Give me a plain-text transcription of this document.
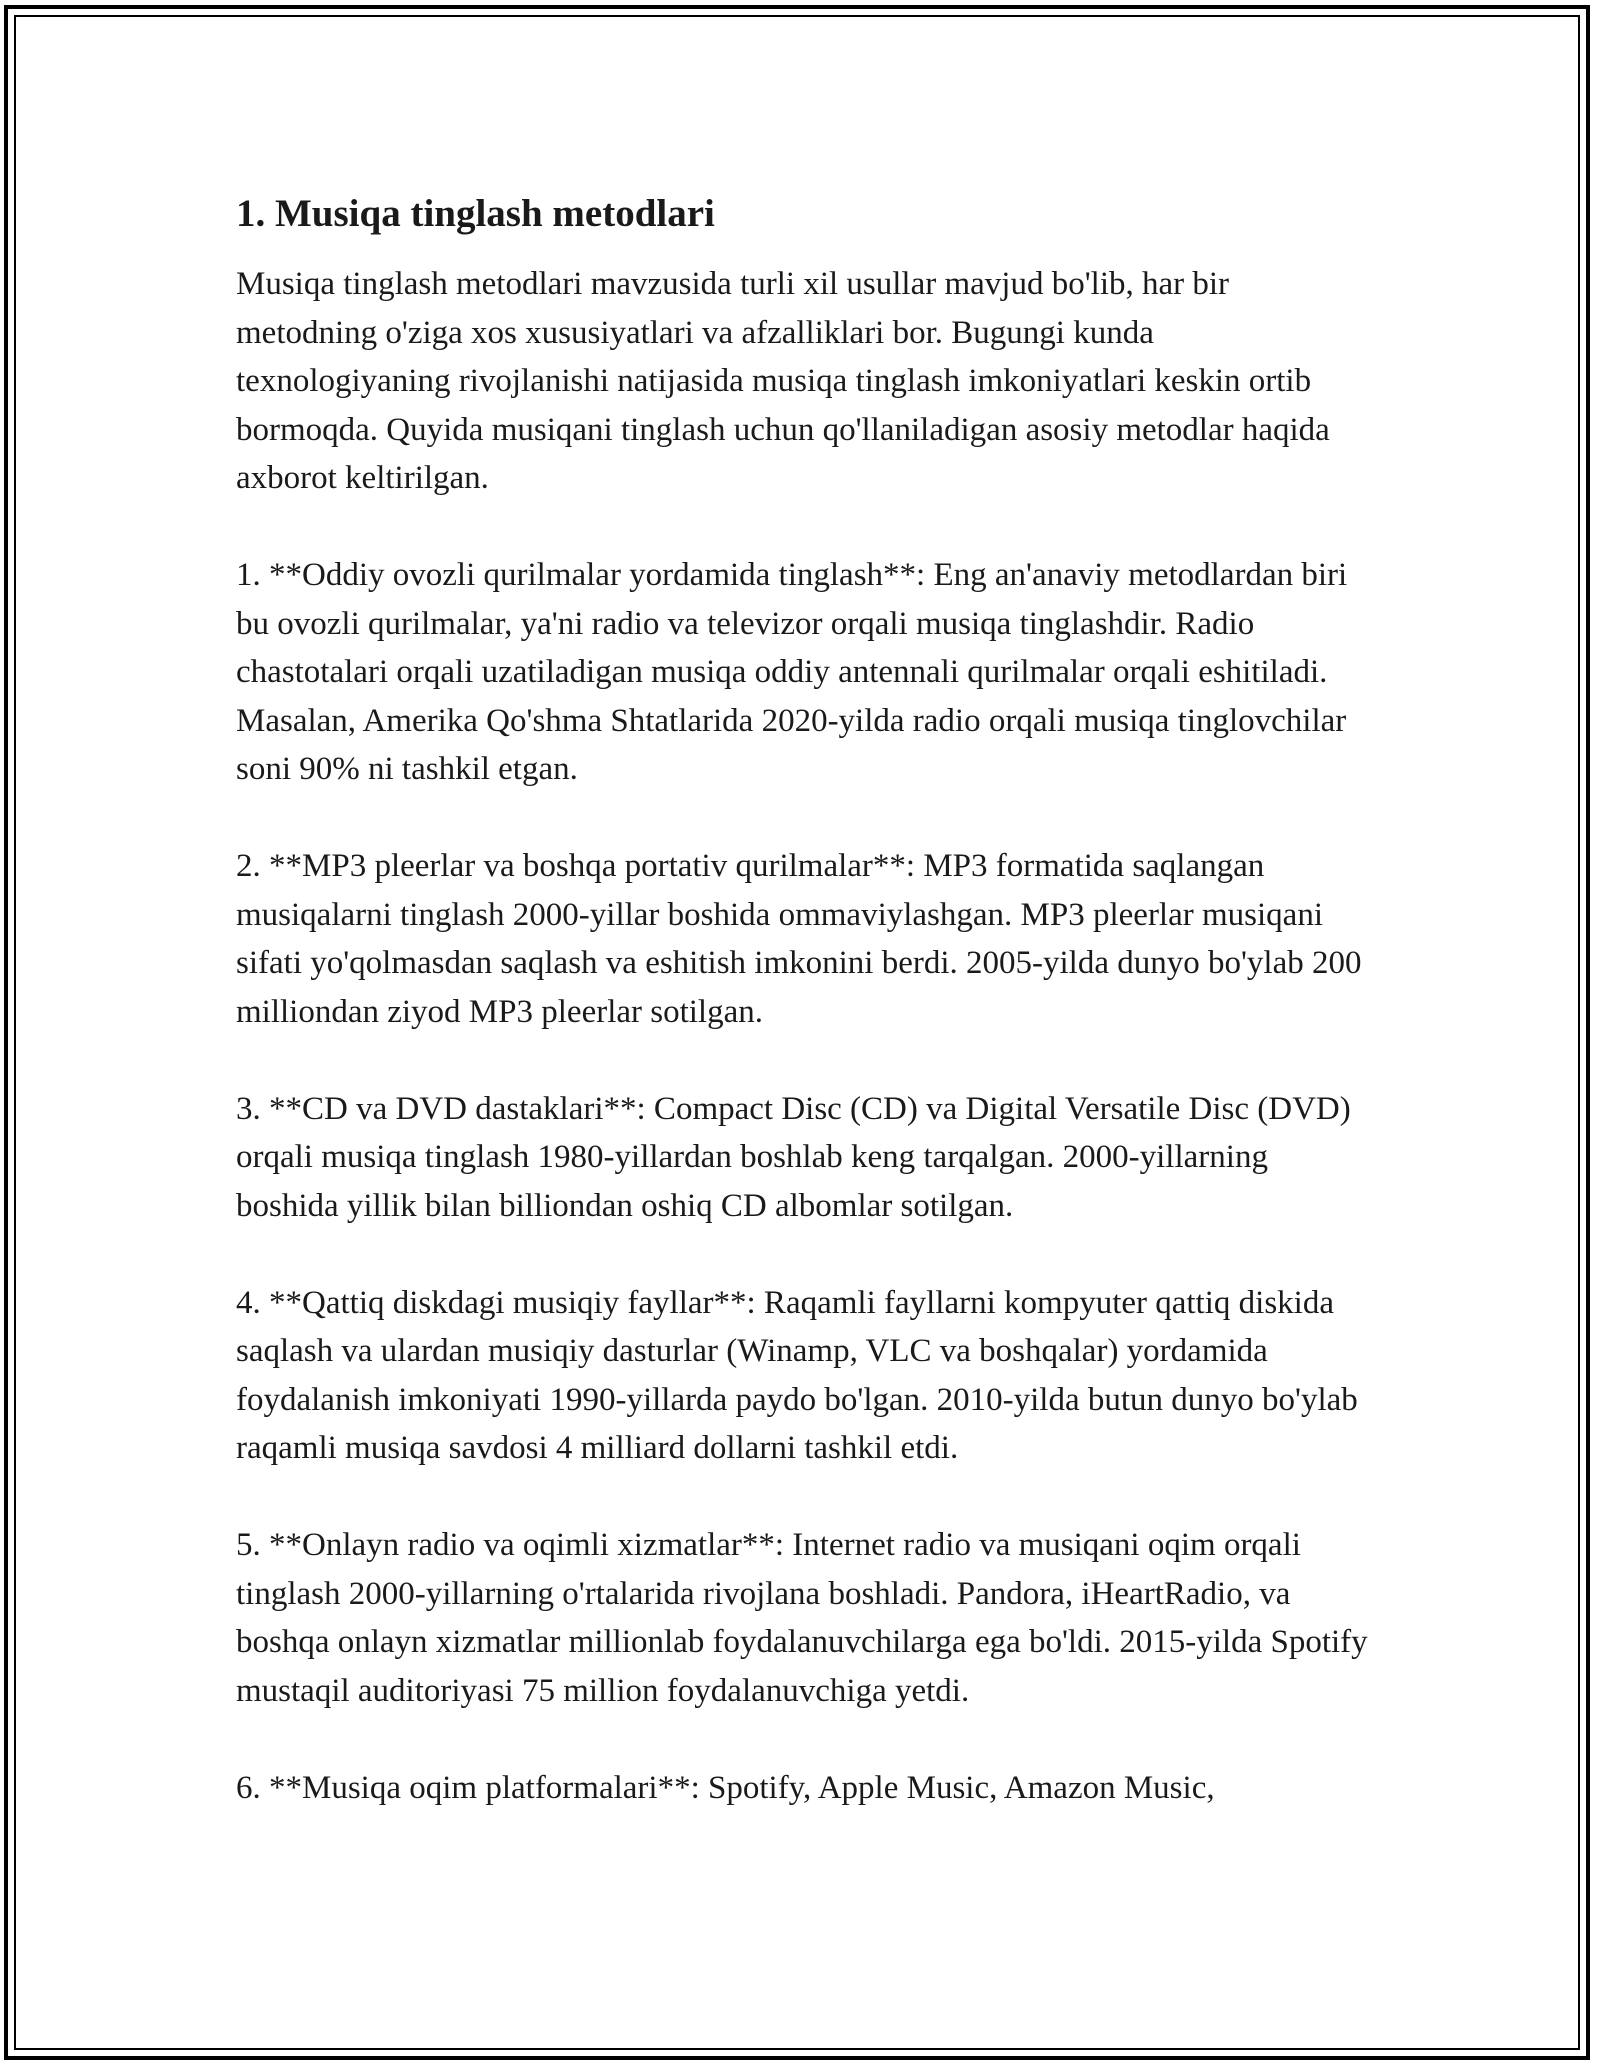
1. Musiqa tinglash metodlari

Musiqa tinglash metodlari mavzusida turli xil usullar mavjud bo'lib, har bir metodning o'ziga xos xususiyatlari va afzalliklari bor. Bugungi kunda texnologiyaning rivojlanishi natijasida musiqa tinglash imkoniyatlari keskin ortib bormoqda. Quyida musiqani tinglash uchun qo'llaniladigan asosiy metodlar haqida axborot keltirilgan.

1. **Oddiy ovozli qurilmalar yordamida tinglash**: Eng an'anaviy metodlardan biri bu ovozli qurilmalar, ya'ni radio va televizor orqali musiqa tinglashdir. Radio chastotalari orqali uzatiladigan musiqa oddiy antennali qurilmalar orqali eshitiladi. Masalan, Amerika Qo'shma Shtatlarida 2020-yilda radio orqali musiqa tinglovchilar soni 90% ni tashkil etgan.

2. **MP3 pleerlar va boshqa portativ qurilmalar**: MP3 formatida saqlangan musiqalarni tinglash 2000-yillar boshida ommaviylashgan. MP3 pleerlar musiqani sifati yo'qolmasdan saqlash va eshitish imkonini berdi. 2005-yilda dunyo bo'ylab 200 milliondan ziyod MP3 pleerlar sotilgan.

3. **CD va DVD dastaklari**: Compact Disc (CD) va Digital Versatile Disc (DVD) orqali musiqa tinglash 1980-yillardan boshlab keng tarqalgan. 2000-yillarning boshida yillik bilan billiondan oshiq CD albomlar sotilgan.

4. **Qattiq diskdagi musiqiy fayllar**: Raqamli fayllarni kompyuter qattiq diskida saqlash va ulardan musiqiy dasturlar (Winamp, VLC va boshqalar) yordamida foydalanish imkoniyati 1990-yillarda paydo bo'lgan. 2010-yilda butun dunyo bo'ylab raqamli musiqa savdosi 4 milliard dollarni tashkil etdi.

5. **Onlayn radio va oqimli xizmatlar**: Internet radio va musiqani oqim orqali tinglash 2000-yillarning o'rtalarida rivojlana boshladi. Pandora, iHeartRadio, va boshqa onlayn xizmatlar millionlab foydalanuvchilarga ega bo'ldi. 2015-yilda Spotify mustaqil auditoriyasi 75 million foydalanuvchiga yetdi.

6. **Musiqa oqim platformalari**: Spotify, Apple Music, Amazon Music,
